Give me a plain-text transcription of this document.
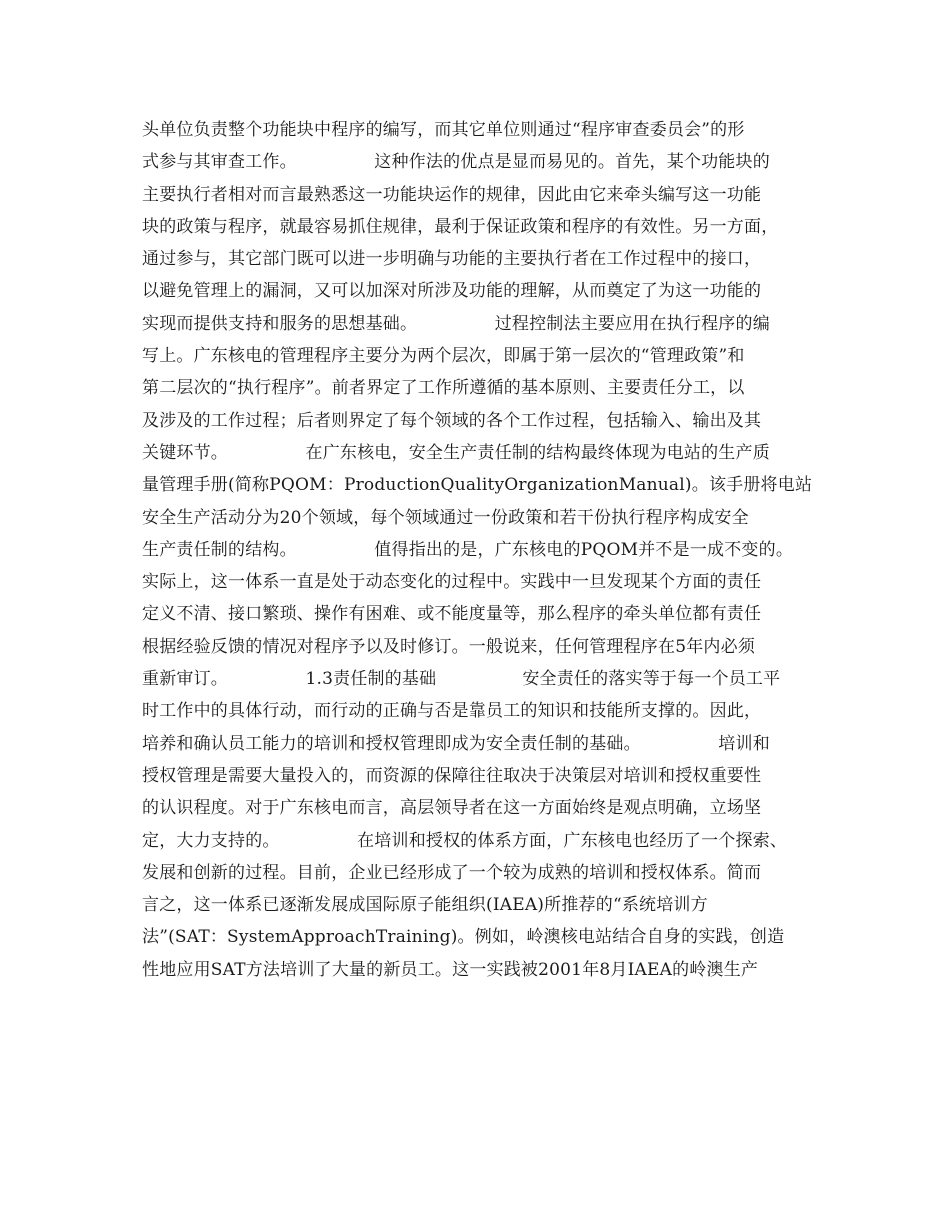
头单位负责整个功能块中程序的编写，而其它单位则通过“程序审查委员会”的形
式参与其审查工作。　　　　　这种作法的优点是显而易见的。首先，某个功能块的
主要执行者相对而言最熟悉这一功能块运作的规律，因此由它来牵头编写这一功能
块的政策与程序，就最容易抓住规律，最利于保证政策和程序的有效性。另一方面，
通过参与，其它部门既可以进一步明确与功能的主要执行者在工作过程中的接口，
以避免管理上的漏洞，又可以加深对所涉及功能的理解，从而奠定了为这一功能的
实现而提供支持和服务的思想基础。　　　　　过程控制法主要应用在执行程序的编
写上。广东核电的管理程序主要分为两个层次，即属于第一层次的“管理政策”和
第二层次的“执行程序”。前者界定了工作所遵循的基本原则、主要责任分工，以
及涉及的工作过程；后者则界定了每个领域的各个工作过程，包括输入、输出及其
关键环节。　　　　　在广东核电，安全生产责任制的结构最终体现为电站的生产质
量管理手册(简称PQOM：ProductionQualityOrganizationManual)。该手册将电站
安全生产活动分为20个领域，每个领域通过一份政策和若干份执行程序构成安全
生产责任制的结构。　　　　　值得指出的是，广东核电的PQOM并不是一成不变的。
实际上，这一体系一直是处于动态变化的过程中。实践中一旦发现某个方面的责任
定义不清、接口繁琐、操作有困难、或不能度量等，那么程序的牵头单位都有责任
根据经验反馈的情况对程序予以及时修订。一般说来，任何管理程序在5年内必须
重新审订。　　　　　1.3责任制的基础　　　　　安全责任的落实等于每一个员工平
时工作中的具体行动，而行动的正确与否是靠员工的知识和技能所支撑的。因此，
培养和确认员工能力的培训和授权管理即成为安全责任制的基础。　　　　　培训和
授权管理是需要大量投入的，而资源的保障往往取决于决策层对培训和授权重要性
的认识程度。对于广东核电而言，高层领导者在这一方面始终是观点明确，立场坚
定，大力支持的。　　　　　在培训和授权的体系方面，广东核电也经历了一个探索、
发展和创新的过程。目前，企业已经形成了一个较为成熟的培训和授权体系。简而
言之，这一体系已逐渐发展成国际原子能组织(IAEA)所推荐的“系统培训方
法”(SAT：SystemApproachTraining)。例如，岭澳核电站结合自身的实践，创造
性地应用SAT方法培训了大量的新员工。这一实践被2001年8月IAEA的岭澳生产
